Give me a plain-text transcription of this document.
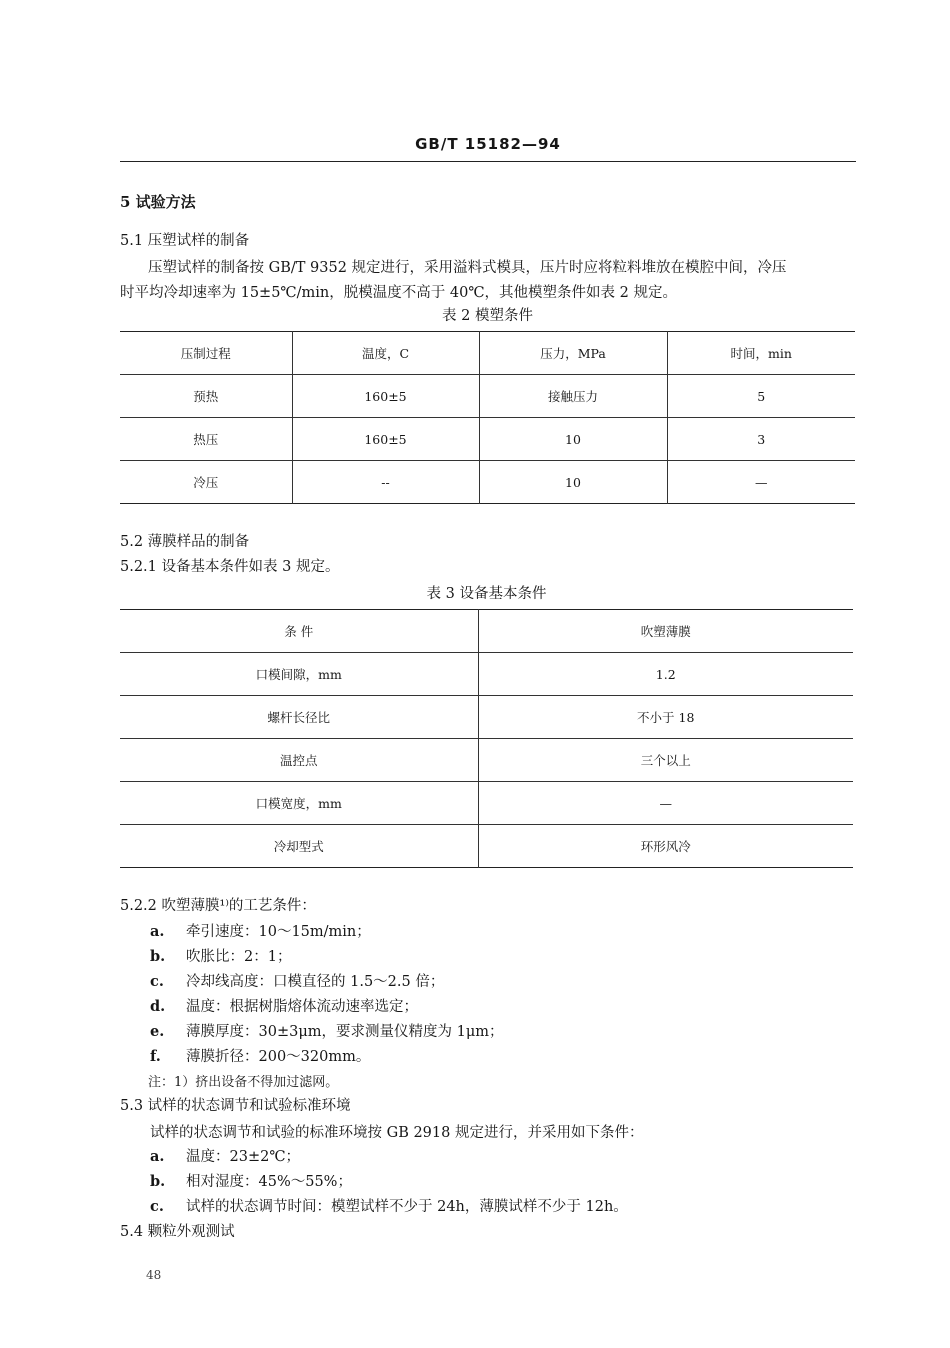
GB/T 15182—94
5 试验方法
5.1 压塑试样的制备
压塑试样的制备按 GB/T 9352 规定进行，采用溢料式模具，压片时应将粒料堆放在模腔中间，冷压
时平均冷却速率为 15±5℃/min，脱模温度不高于 40℃，其他模塑条件如表 2 规定。
表 2 模塑条件
压制过程	温度，C	压力，MPa	时间，min
预热	160±5	接触压力	5
热压	160±5	10	3
冷压	--	10	—
5.2 薄膜样品的制备
5.2.1 设备基本条件如表 3 规定。
表 3 设备基本条件
条 件	吹塑薄膜
口模间隙，mm	1.2
螺杆长径比	不小于 18
温控点	三个以上
口模宽度，mm	—
冷却型式	环形风冷
5.2.2 吹塑薄膜¹⁾的工艺条件：
a. 牵引速度：10～15m/min；
b. 吹胀比：2：1；
c. 冷却线高度：口模直径的 1.5～2.5 倍；
d. 温度：根据树脂熔体流动速率选定；
e. 薄膜厚度：30±3μm，要求测量仪精度为 1μm；
f. 薄膜折径：200～320mm。
注：1）挤出设备不得加过滤网。
5.3 试样的状态调节和试验标准环境
试样的状态调节和试验的标准环境按 GB 2918 规定进行，并采用如下条件：
a. 温度：23±2℃；
b. 相对湿度：45%～55%；
c. 试样的状态调节时间：模塑试样不少于 24h，薄膜试样不少于 12h。
5.4 颗粒外观测试
48
